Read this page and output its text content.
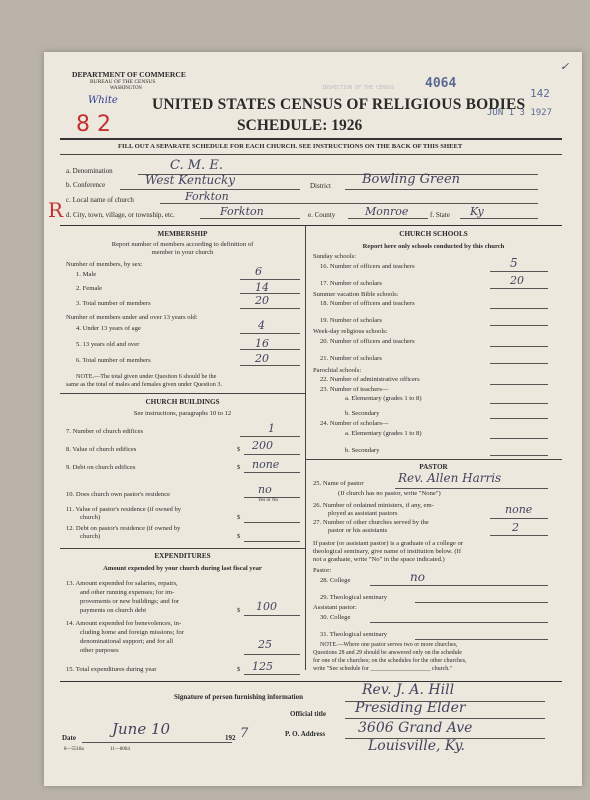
DEPARTMENT OF COMMERCE
BUREAU OF THE CENSUS
WASHINGTON	INSPECTION OF THE CENSUS 4064
142
JUN 1 3 1927
✓
White
8 2
R
UNITED STATES CENSUS OF RELIGIOUS BODIES
SCHEDULE: 1926
FILL OUT A SEPARATE SCHEDULE FOR EACH CHURCH. SEE INSTRUCTIONS ON THE BACK OF THIS SHEET
a. Denomination	C. M. E.
b. Conference	West Kentucky	District Bowling Green
c. Local name of church	Forkton
d. City, town, village, or township, etc.	Forkton	e. County	Monroe	f. State Ky
MEMBERSHIP
Report number of members according to definition of
member in your church
Number of members, by sex:
1. Male	6
2. Female	14
3. Total number of members	20
Number of members under and over 13 years old:
4. Under 13 years of age	4
5. 13 years old and over	16
6. Total number of members	20
NOTE.—The total given under Question 6 should be the
same as the total of males and females given under Question 3.
CHURCH BUILDINGS
See instructions, paragraphs 10 to 12
7. Number of church edifices	1
8. Value of church edifices	$ 200
9. Debt on church edifices	$ none
10. Does church own pastor's residence	no
Yes or No
11. Value of pastor's residence (if owned by
church)	$
12. Debt on pastor's residence (if owned by
church)	$
EXPENDITURES
Amount expended by your church during last fiscal year
13. Amount expended for salaries, repairs,
and other running expenses; for im-
provements or new buildings; and for
payments on church debt	$ 100
14. Amount expended for benevolences, in-
cluding home and foreign missions; for
denominational support; and for all
other purposes	25
15. Total expenditures during year	$ 125
CHURCH SCHOOLS
Report here only schools conducted by this church
Sunday schools:
16. Number of officers and teachers	5
17. Number of scholars	20
Summer vacation Bible schools:
18. Number of officers and teachers
19. Number of scholars
Week-day religious schools:
20. Number of officers and teachers
21. Number of scholars
Parochial schools:
22. Number of administrative officers
23. Number of teachers—
a. Elementary (grades 1 to 8)
b. Secondary
24. Number of scholars—
a. Elementary (grades 1 to 8)
b. Secondary
PASTOR
25. Name of pastor	Rev. Allen Harris
(If church has no pastor, write "None")
26. Number of ordained ministers, if any, em-
ployed as assistant pastors	none
27. Number of other churches served by the
pastor or his assistants	2
If pastor (or assistant pastor) is a graduate of a college or
theological seminary, give name of institution below. (If
not a graduate, write "No" in the space indicated.)
Pastor:
28. College	no
29. Theological seminary
Assistant pastor:
30. College
31. Theological seminary
NOTE.—Where one pastor serves two or more churches,
Questions 28 and 29 should be answered only on the schedule
for one of the churches; on the schedules for the other churches,
write "See schedule for ____________________ church."
Signature of person furnishing information	Rev. J. A. Hill
Official title Presiding Elder
Date June 10	192 7
8—5518a	11—8064
P. O. Address 3606 Grand Ave
Louisville, Ky.
